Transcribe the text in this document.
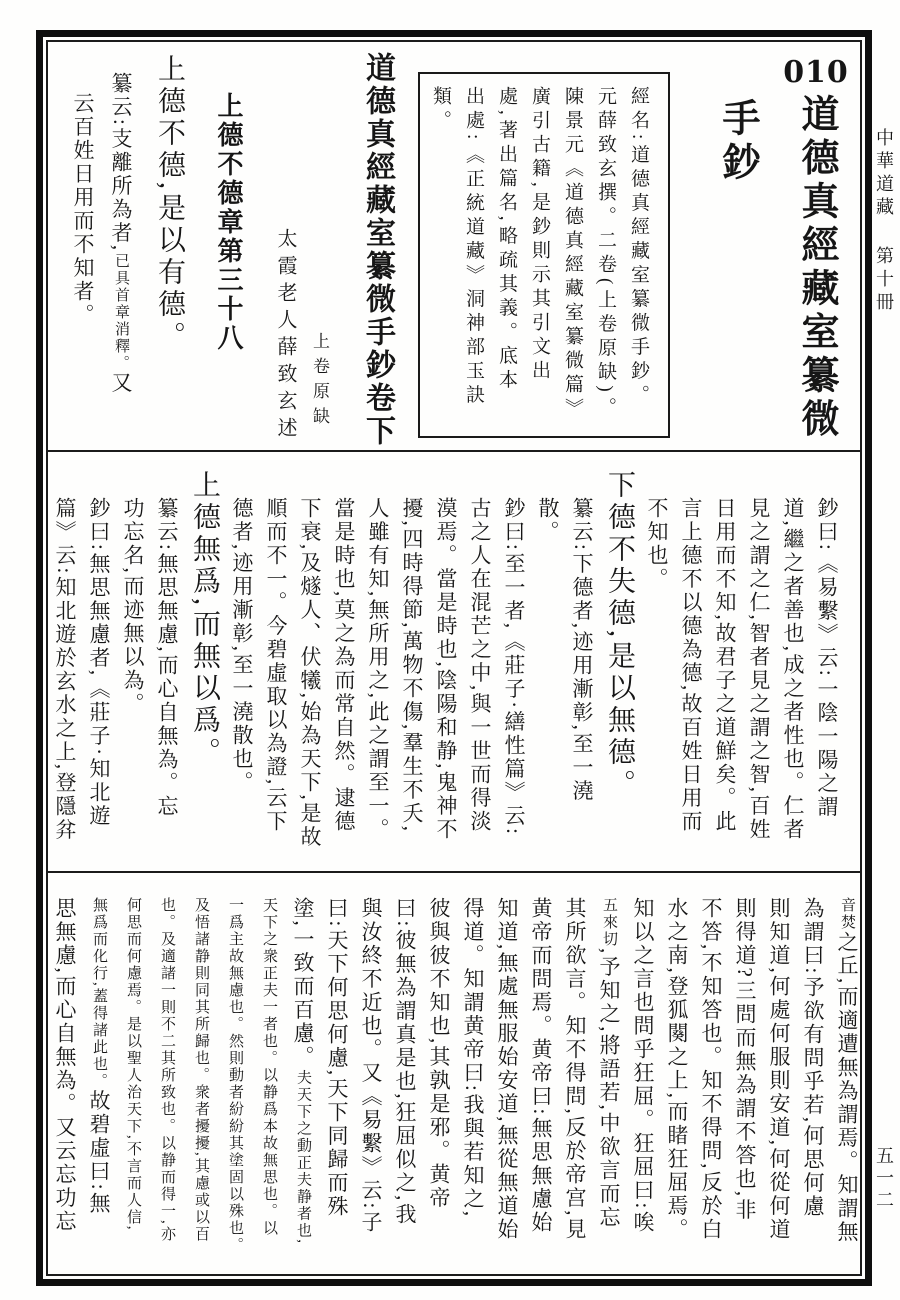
中華道藏第十冊
五一二
010
道德真經藏室纂微
手鈔
經名:道德真經藏室纂微手鈔。
元薛致玄撰。二卷(上卷原缺)。
陳景元《道德真經藏室纂微篇》
廣引古籍,是鈔則示其引文出
處,著出篇名,略疏其義。底本
出處:《正統道藏》洞神部玉訣
類。
道德真經藏室纂微手鈔卷下
上卷原缺
太霞老人薛致玄述
上德不德章第三十八
上德不德,是以有德。
纂云:支離所為者,已具首章消釋。又
云百姓日用而不知者。
鈔曰:《易繫》云:一陰一陽之謂
道,繼之者善也,成之者性也。仁者
見之謂之仁,智者見之謂之智,百姓
日用而不知,故君子之道鮮矣。此
言上德不以德為德,故百姓日用而
不知也。
下德不失德,是以無德。
纂云:下德者,迹用漸彰,至一澆
散。
鈔曰:至一者,《莊子·繕性篇》云:
古之人在混芒之中,與一世而得淡
漠焉。當是時也,陰陽和静,鬼神不
擾,四時得節,萬物不傷,羣生不夭,
人雖有知,無所用之,此之謂至一。
當是時也,莫之為而常自然。逮德
下衰,及燧人、伏犧,始為天下,是故
順而不一。今碧虛取以為證,云下
德者,迹用漸彰,至一澆散也。
上德無爲,而無以爲。
纂云:無思無慮,而心自無為。忘
功忘名,而迹無以為。
鈔曰:無思無慮者,《莊子·知北遊
篇》云:知北遊於玄水之上,登隱弅
音焚之丘,而適遭無為謂焉。知謂無
為謂曰:予欲有問乎若,何思何慮
則知道,何處何服則安道,何從何道
則得道?三問而無為謂不答也,非
不答,不知答也。知不得問,反於白
水之南,登狐闋之上,而睹狂屈焉。
知以之言也問乎狂屈。狂屈曰:唉
五來切,予知之,將語若,中欲言而忘
其所欲言。知不得問,反於帝宫,見
黄帝而問焉。黄帝曰:無思無慮始
知道,無處無服始安道,無從無道始
得道。知謂黄帝曰:我與若知之,
彼與彼不知也,其孰是邪。黄帝
曰:彼無為謂真是也,狂屈似之,我
與汝終不近也。又《易繫》云:子
曰:天下何思何慮,天下同歸而殊
塗,一致而百慮。夫天下之動正夫静者也,
天下之衆正夫一者也。以静爲本故無思也。以
一爲主故無慮也。然則動者紛紛其塗固以殊也。
及悟諸静則同其所歸也。衆者擾擾,其慮或以百
也。及適諸一則不二其所致也。以静而得一,亦
何思而何慮焉。是以聖人治天下,不言而人信,
無爲而化行,蓋得諸此也。故碧虛曰:無
思無慮,而心自無為。又云忘功忘
